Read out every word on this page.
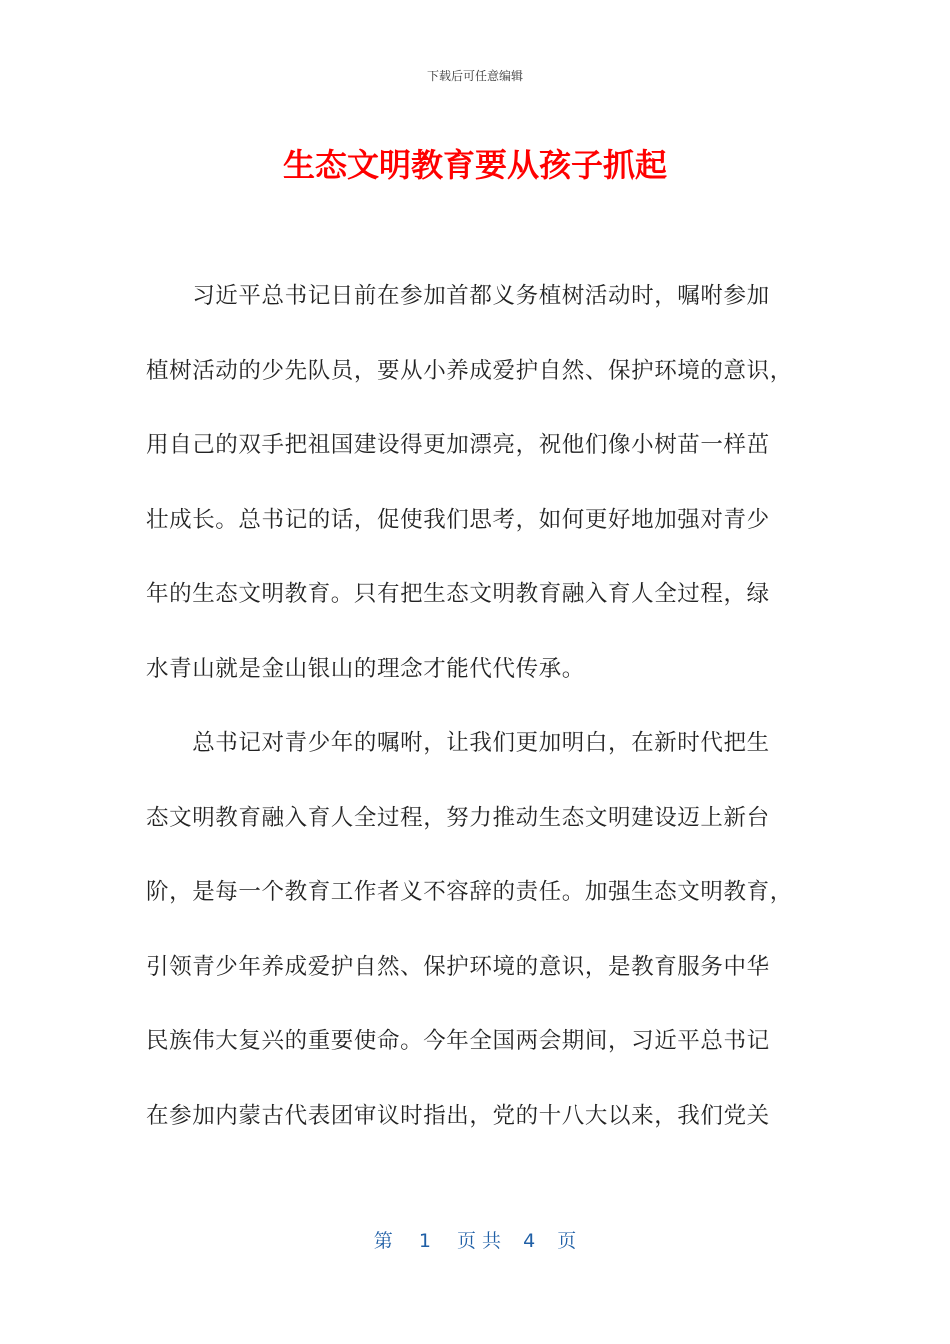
下载后可任意编辑
生态文明教育要从孩子抓起
　　习近平总书记日前在参加首都义务植树活动时，嘱咐参加
植树活动的少先队员，要从小养成爱护自然、保护环境的意识，
用自己的双手把祖国建设得更加漂亮，祝他们像小树苗一样茁
壮成长。总书记的话，促使我们思考，如何更好地加强对青少
年的生态文明教育。只有把生态文明教育融入育人全过程，绿
水青山就是金山银山的理念才能代代传承。
　　总书记对青少年的嘱咐，让我们更加明白，在新时代把生
态文明教育融入育人全过程，努力推动生态文明建设迈上新台
阶，是每一个教育工作者义不容辞的责任。加强生态文明教育，
引领青少年养成爱护自然、保护环境的意识，是教育服务中华
民族伟大复兴的重要使命。今年全国两会期间，习近平总书记
在参加内蒙古代表团审议时指出，党的十八大以来，我们党关
第 1 页 共 4 页
